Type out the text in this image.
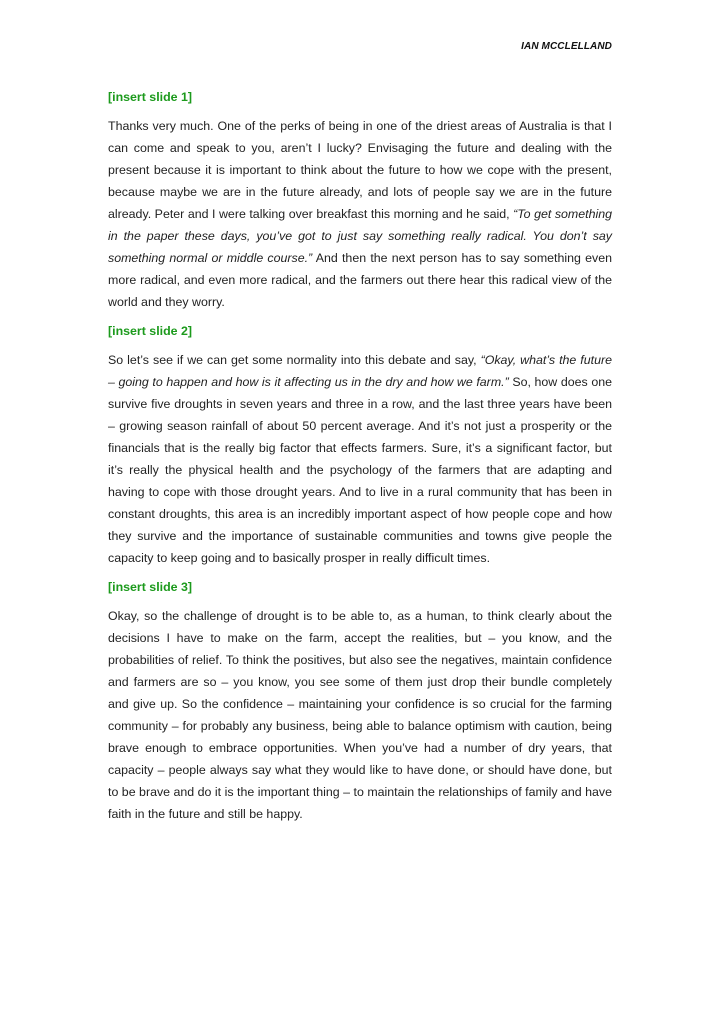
IAN MCCLELLAND
[insert slide 1]

Thanks very much. One of the perks of being in one of the driest areas of Australia is that I can come and speak to you, aren’t I lucky? Envisaging the future and dealing with the present because it is important to think about the future to how we cope with the present, because maybe we are in the future already, and lots of people say we are in the future already. Peter and I were talking over breakfast this morning and he said, “To get something in the paper these days, you’ve got to just say something really radical. You don’t say something normal or middle course.” And then the next person has to say something even more radical, and even more radical, and the farmers out there hear this radical view of the world and they worry.

[insert slide 2]

So let’s see if we can get some normality into this debate and say, “Okay, what’s the future – going to happen and how is it affecting us in the dry and how we farm.” So, how does one survive five droughts in seven years and three in a row, and the last three years have been – growing season rainfall of about 50 percent average. And it’s not just a prosperity or the financials that is the really big factor that effects farmers. Sure, it’s a significant factor, but it’s really the physical health and the psychology of the farmers that are adapting and having to cope with those drought years. And to live in a rural community that has been in constant droughts, this area is an incredibly important aspect of how people cope and how they survive and the importance of sustainable communities and towns give people the capacity to keep going and to basically prosper in really difficult times.

[insert slide 3]

Okay, so the challenge of drought is to be able to, as a human, to think clearly about the decisions I have to make on the farm, accept the realities, but – you know, and the probabilities of relief. To think the positives, but also see the negatives, maintain confidence and farmers are so – you know, you see some of them just drop their bundle completely and give up. So the confidence – maintaining your confidence is so crucial for the farming community – for probably any business, being able to balance optimism with caution, being brave enough to embrace opportunities. When you’ve had a number of dry years, that capacity – people always say what they would like to have done, or should have done, but to be brave and do it is the important thing – to maintain the relationships of family and have faith in the future and still be happy.
